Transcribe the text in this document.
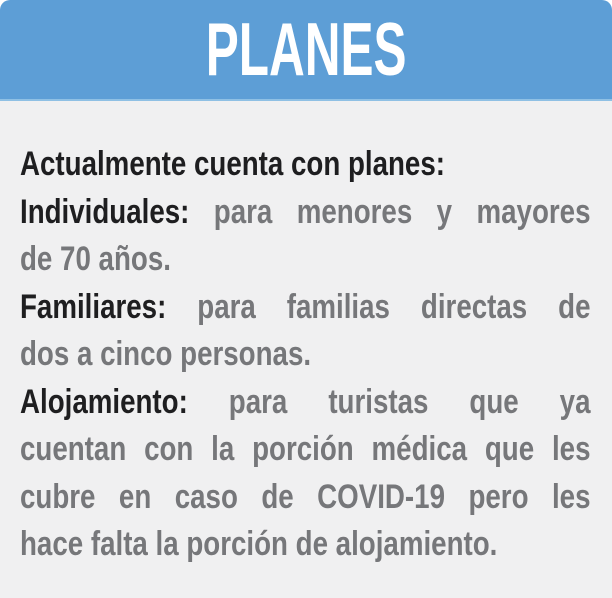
PLANES
Actualmente cuenta con planes:
Individuales: para menores y mayores
de 70 años.
Familiares: para familias directas de
dos a cinco personas.
Alojamiento: para turistas que ya
cuentan con la porción médica que les
cubre en caso de COVID-19 pero les
hace falta la porción de alojamiento.
